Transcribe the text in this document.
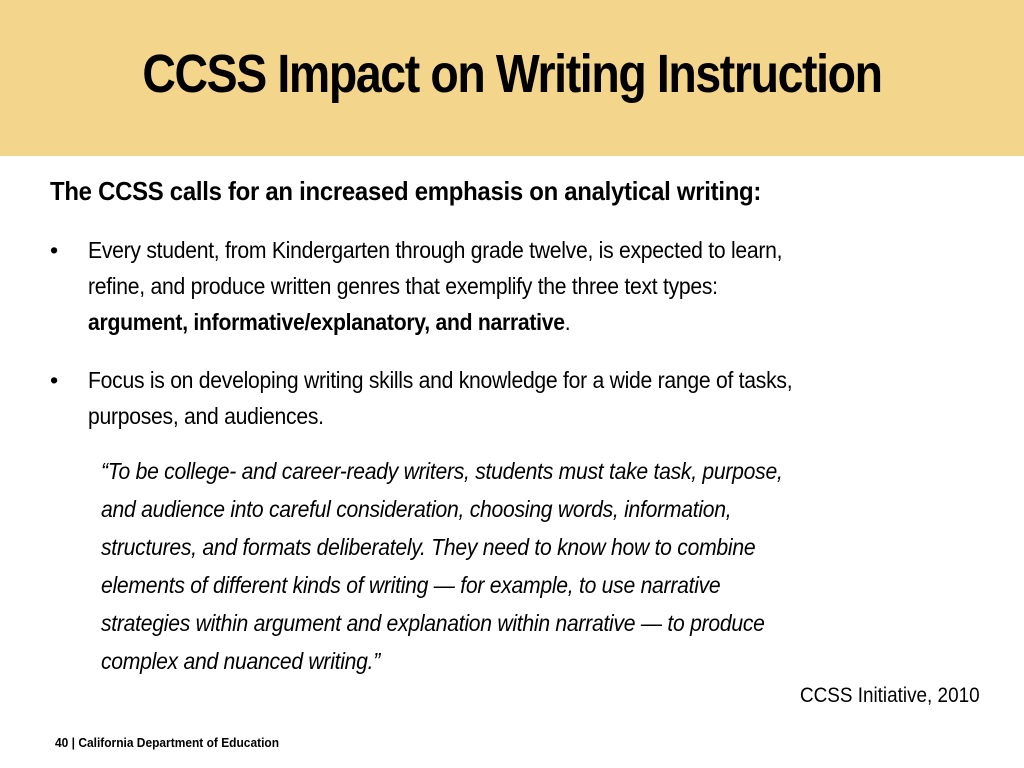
CCSS Impact on Writing Instruction

The CCSS calls for an increased emphasis on analytical writing:

•	Every student, from Kindergarten through grade twelve, is expected to learn,
refine, and produce written genres that exemplify the three text types:
argument, informative/explanatory, and narrative.
•	Focus is on developing writing skills and knowledge for a wide range of tasks,
purposes, and audiences.
“To be college- and career-ready writers, students must take task, purpose,
and audience into careful consideration, choosing words, information,
structures, and formats deliberately. They need to know how to combine
elements of different kinds of writing — for example, to use narrative
strategies within argument and explanation within narrative — to produce
complex and nuanced writing.”
CCSS Initiative, 2010
40 | California Department of Education
